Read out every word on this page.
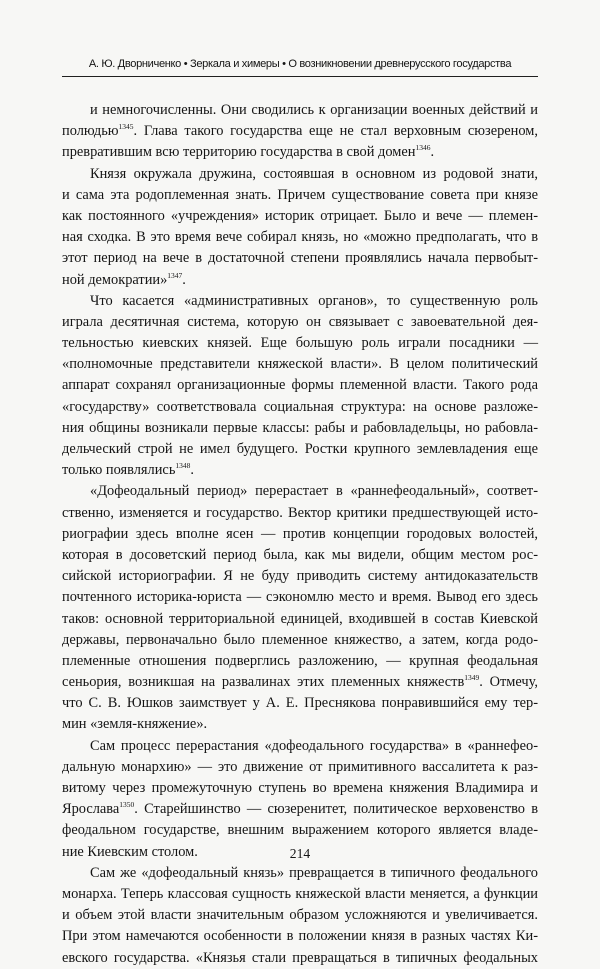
А. Ю. Дворниченко • Зеркала и химеры • О возникновении древнерусского государства
и немногочисленны. Они сводились к организации военных действий и
полюдью$^{1345}$. Глава такого государства еще не стал верховным сюзереном,
превратившим всю территорию государства в свой домен$^{1346}$.
Князя окружала дружина, состоявшая в основном из родовой знати,
и сама эта родоплеменная знать. Причем существование совета при князе
как постоянного «учреждения» историк отрицает. Было и вече — племен-
ная сходка. В это время вече собирал князь, но «можно предполагать, что в
этот период на вече в достаточной степени проявлялись начала первобыт-
ной демократии»$^{1347}$.
Что касается «административных органов», то существенную роль
играла десятичная система, которую он связывает с завоевательной дея-
тельностью киевских князей. Еще большую роль играли посадники —
«полномочные представители княжеской власти». В целом политический
аппарат сохранял организационные формы племенной власти. Такого рода
«государству» соответствовала социальная структура: на основе разложе-
ния общины возникали первые классы: рабы и рабовладельцы, но рабовла-
дельческий строй не имел будущего. Ростки крупного землевладения еще
только появлялись$^{1348}$.
«Дофеодальный период» перерастает в «раннефеодальный», соответ-
ственно, изменяется и государство. Вектор критики предшествующей исто-
риографии здесь вполне ясен — против концепции городовых волостей,
которая в досоветский период была, как мы видели, общим местом рос-
сийской историографии. Я не буду приводить систему антидоказательств
почтенного историка-юриста — сэкономлю место и время. Вывод его здесь
таков: основной территориальной единицей, входившей в состав Киевской
державы, первоначально было племенное княжество, а затем, когда родо-
племенные отношения подверглись разложению, — крупная феодальная
сеньория, возникшая на развалинах этих племенных княжеств$^{1349}$. Отмечу,
что С. В. Юшков заимствует у А. Е. Преснякова понравившийся ему тер-
мин «земля-княжение».
Сам процесс перерастания «дофеодального государства» в «раннефео-
дальную монархию» — это движение от примитивного вассалитета к раз-
витому через промежуточную ступень во времена княжения Владимира и
Ярослава$^{1350}$. Старейшинство — сюзеренитет, политическое верховенство в
феодальном государстве, внешним выражением которого является владе-
ние Киевским столом.
Сам же «дофеодальный князь» превращается в типичного феодального
монарха. Теперь классовая сущность княжеской власти меняется, а функции
и объем этой власти значительным образом усложняются и увеличивается.
При этом намечаются особенности в положении князя в разных частях Ки-
евского государства. «Князья стали превращаться в типичных феодальных
214
